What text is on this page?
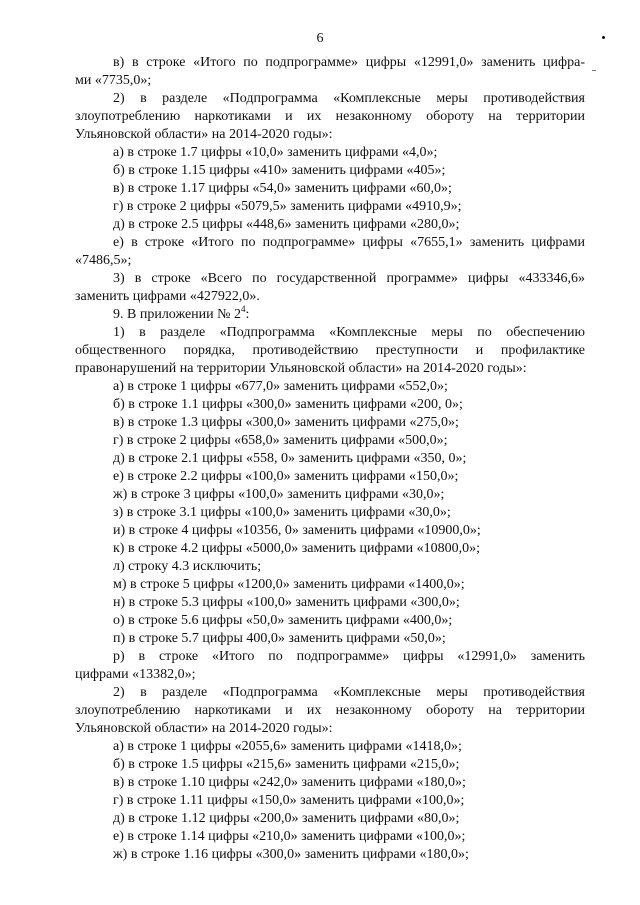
6
в) в строке «Итого по подпрограмме» цифры «12991,0» заменить цифра-
ми «7735,0»;
2) в разделе «Подпрограмма «Комплексные меры противодействия
злоупотреблению наркотиками и их незаконному обороту на территории
Ульяновской области» на 2014-2020 годы»:
а) в строке 1.7 цифры «10,0» заменить цифрами «4,0»;
б) в строке 1.15 цифры «410» заменить цифрами «405»;
в) в строке 1.17 цифры «54,0» заменить цифрами «60,0»;
г) в строке 2 цифры «5079,5» заменить цифрами «4910,9»;
д) в строке 2.5 цифры «448,6» заменить цифрами «280,0»;
е) в строке «Итого по подпрограмме» цифры «7655,1» заменить цифрами
«7486,5»;
3) в строке «Всего по государственной программе» цифры «433346,6»
заменить цифрами «427922,0».
9. В приложении № $2^4$:
1) в разделе «Подпрограмма «Комплексные меры по обеспечению
общественного порядка, противодействию преступности и профилактике
правонарушений на территории Ульяновской области» на 2014-2020 годы»:
а) в строке 1 цифры «677,0» заменить цифрами «552,0»;
б) в строке 1.1 цифры «300,0» заменить цифрами «200, 0»;
в) в строке 1.3 цифры «300,0» заменить цифрами «275,0»;
г) в строке 2 цифры «658,0» заменить цифрами «500,0»;
д) в строке 2.1 цифры «558, 0» заменить цифрами «350, 0»;
е) в строке 2.2 цифры «100,0» заменить цифрами «150,0»;
ж) в строке 3 цифры «100,0» заменить цифрами «30,0»;
з) в строке 3.1 цифры «100,0» заменить цифрами «30,0»;
и) в строке 4 цифры «10356, 0» заменить цифрами «10900,0»;
к) в строке 4.2 цифры «5000,0» заменить цифрами «10800,0»;
л) строку 4.3 исключить;
м) в строке 5 цифры «1200,0» заменить цифрами «1400,0»;
н) в строке 5.3 цифры «100,0» заменить цифрами «300,0»;
о) в строке 5.6 цифры «50,0» заменить цифрами «400,0»;
п) в строке 5.7 цифры 400,0» заменить цифрами «50,0»;
р) в строке «Итого по подпрограмме» цифры «12991,0» заменить
цифрами «13382,0»;
2) в разделе «Подпрограмма «Комплексные меры противодействия
злоупотреблению наркотиками и их незаконному обороту на территории
Ульяновской области» на 2014-2020 годы»:
а) в строке 1 цифры «2055,6» заменить цифрами «1418,0»;
б) в строке 1.5 цифры «215,6» заменить цифрами «215,0»;
в) в строке 1.10 цифры «242,0» заменить цифрами «180,0»;
г) в строке 1.11 цифры «150,0» заменить цифрами «100,0»;
д) в строке 1.12 цифры «200,0» заменить цифрами «80,0»;
е) в строке 1.14 цифры «210,0» заменить цифрами «100,0»;
ж) в строке 1.16 цифры «300,0» заменить цифрами «180,0»;
